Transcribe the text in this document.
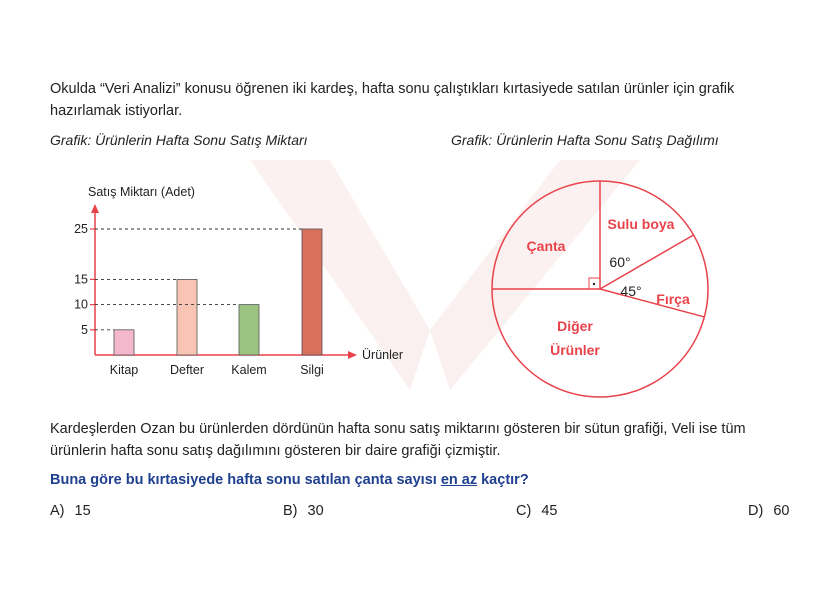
Okulda “Veri Analizi” konusu öğrenen iki kardeş, hafta sonu çalıştıkları kırtasiyede satılan ürünler için grafik hazırlamak istiyorlar.
Grafik: Ürünlerin Hafta Sonu Satış Miktarı	Grafik: Ürünlerin Hafta Sonu Satış Dağılımı
Satış Miktarı (Adet)
Ürünler
5
10
15
25
Kitap	Defter Kalem	Silgi
Sulu boya
Fırça
Diğer
Ürünler
Çanta
60°
45°
Kardeşlerden Ozan bu ürünlerden dördünün hafta sonu satış miktarını gösteren bir sütun grafiği, Veli ise tüm ürünlerin hafta sonu satış dağılımını gösteren bir daire grafiği çizmiştir.
Buna göre bu kırtasiyede hafta sonu satılan çanta sayısı en az kaçtır?
A) 15	B) 30	C) 45	D) 60
